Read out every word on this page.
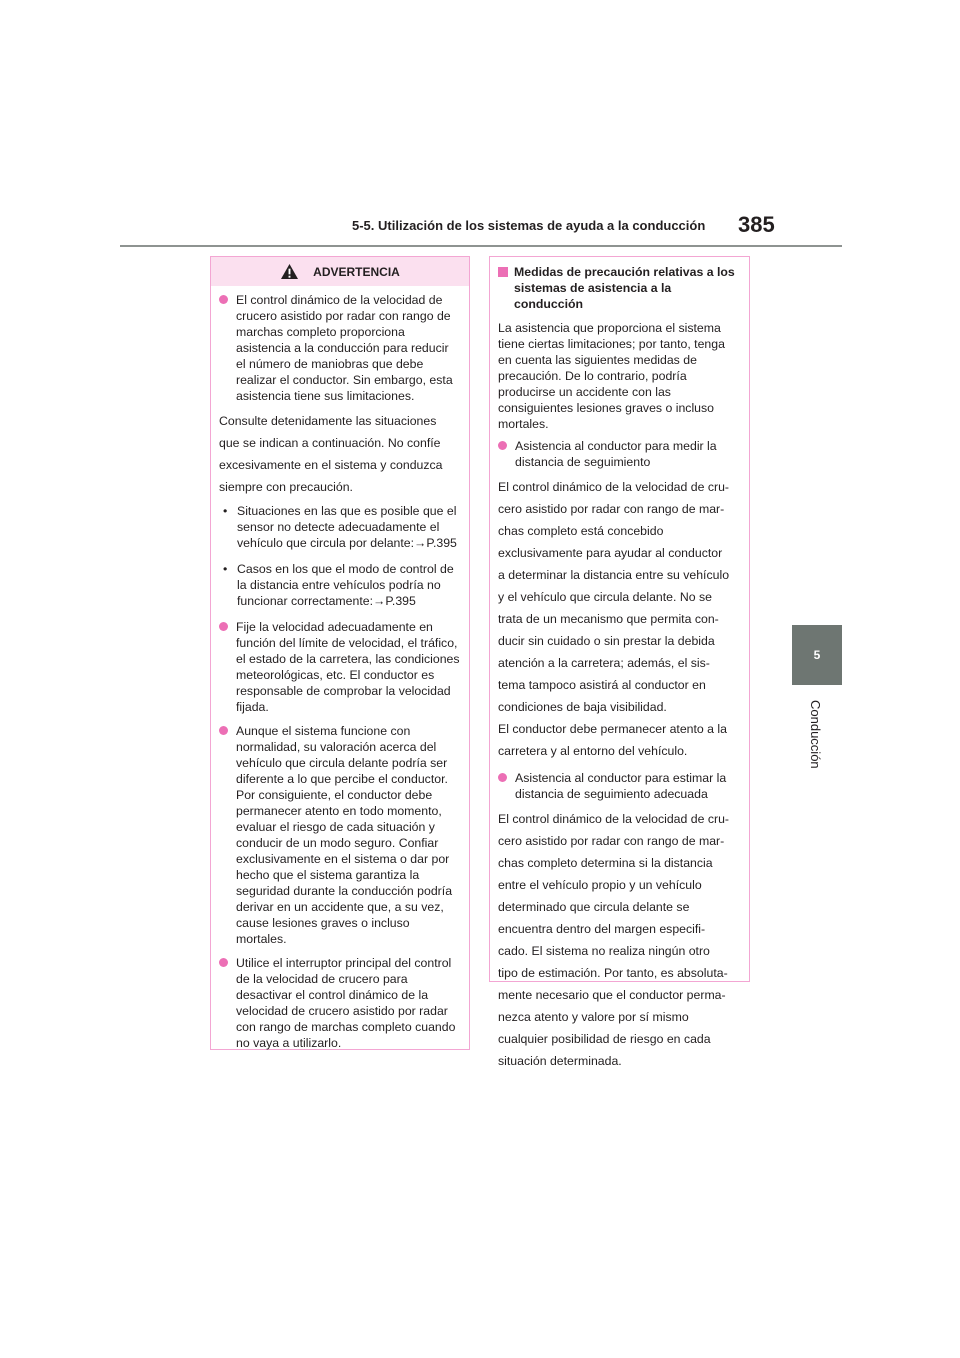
5-5. Utilización de los sistemas de ayuda a la conducción 385
5
Conducción
ADVERTENCIA

El control dinámico de la velocidad de crucero asistido por radar con rango de marchas completo proporciona asistencia a la conducción para reducir el número de maniobras que debe realizar el conductor. Sin embargo, esta asistencia tiene sus limitaciones.

Consulte detenidamente las situaciones

que se indican a continuación. No confíe

excesivamente en el sistema y conduzca

siempre con precaución.

• Situaciones en las que es posible que el sensor no detecte adecuadamente el vehículo que circula por delante:→P.395

• Casos en los que el modo de control de la distancia entre vehículos podría no funcionar correctamente:→P.395

Fije la velocidad adecuadamente en función del límite de velocidad, el tráfico, el estado de la carretera, las condiciones meteorológicas, etc. El conductor es responsable de comprobar la velocidad fijada.

Aunque el sistema funcione con normalidad, su valoración acerca del vehículo que circula delante podría ser diferente a lo que percibe el conductor. Por consiguiente, el conductor debe permanecer atento en todo momento, evaluar el riesgo de cada situación y conducir de un modo seguro. Confiar exclusivamente en el sistema o dar por hecho que el sistema garantiza la seguridad durante la conducción podría derivar en un accidente que, a su vez, cause lesiones graves o incluso mortales.

Utilice el interruptor principal del control de la velocidad de crucero para desactivar el control dinámico de la velocidad de crucero asistido por radar con rango de marchas completo cuando no vaya a utilizarlo.

Medidas de precaución relativas a los sistemas de asistencia a la conducción

La asistencia que proporciona el sistema tiene ciertas limitaciones; por tanto, tenga en cuenta las siguientes medidas de precaución. De lo contrario, podría producirse un accidente con las consiguientes lesiones graves o incluso mortales.

Asistencia al conductor para medir la distancia de seguimiento

El control dinámico de la velocidad de cru-

cero asistido por radar con rango de mar-

chas completo está concebido

exclusivamente para ayudar al conductor

a determinar la distancia entre su vehículo

y el vehículo que circula delante. No se

trata de un mecanismo que permita con-

ducir sin cuidado o sin prestar la debida

atención a la carretera; además, el sis-

tema tampoco asistirá al conductor en

condiciones de baja visibilidad.

El conductor debe permanecer atento a la

carretera y al entorno del vehículo.

Asistencia al conductor para estimar la distancia de seguimiento adecuada

El control dinámico de la velocidad de cru-

cero asistido por radar con rango de mar-

chas completo determina si la distancia

entre el vehículo propio y un vehículo

determinado que circula delante se

encuentra dentro del margen especifi-

cado. El sistema no realiza ningún otro

tipo de estimación. Por tanto, es absoluta-

mente necesario que el conductor perma-

nezca atento y valore por sí mismo

cualquier posibilidad de riesgo en cada

situación determinada.
